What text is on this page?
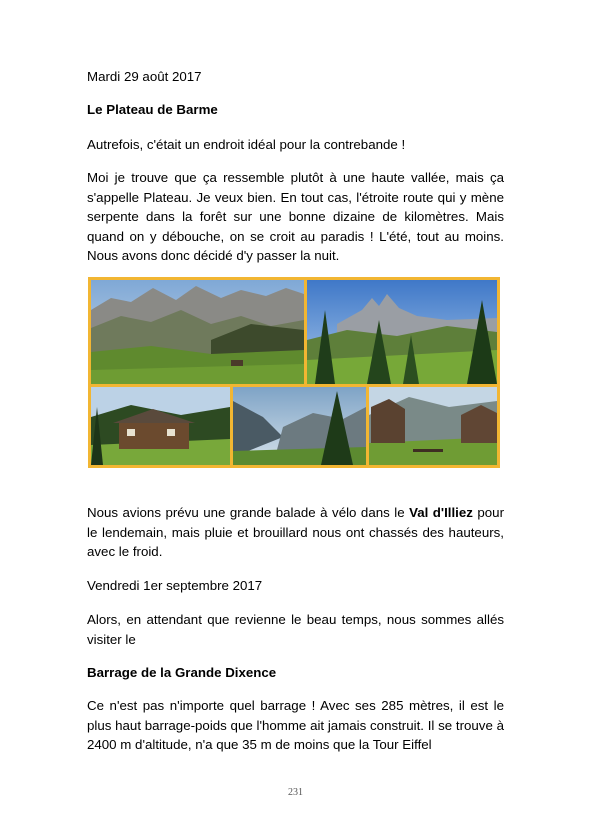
Mardi 29 août 2017

Le Plateau de Barme

Autrefois, c'était un endroit idéal pour la contrebande !

Moi je trouve que ça ressemble plutôt à une haute vallée, mais ça s'appelle Plateau. Je veux bien. En tout cas, l'étroite route qui y mène serpente dans la forêt sur une bonne dizaine de kilomètres. Mais quand on y débouche, on se croit au paradis ! L'été, tout au moins. Nous avons donc décidé d'y passer la nuit.

Nous avions prévu une grande balade à vélo dans le Val d'Illiez pour le lendemain, mais pluie et brouillard nous ont chassés des hauteurs, avec le froid.

Vendredi 1er septembre 2017

Alors, en attendant que revienne le beau temps, nous sommes allés visiter le

Barrage de la Grande Dixence

Ce n'est pas n'importe quel barrage ! Avec ses 285 mètres, il est le plus haut barrage-poids que l'homme ait jamais construit. Il se trouve à 2400 m d'altitude, n'a que 35 m de moins que la Tour Eiffel

231
